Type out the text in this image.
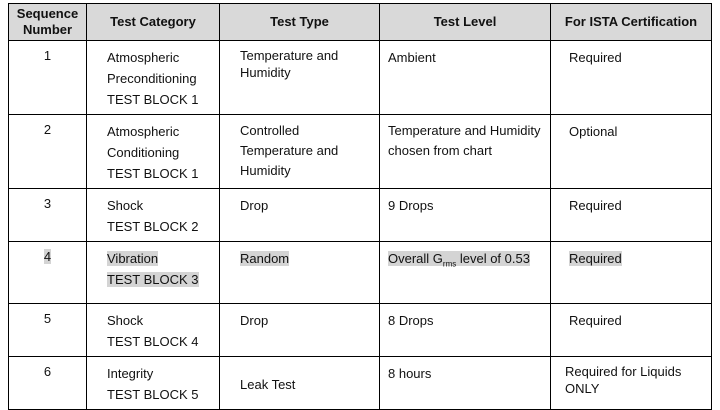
Sequence Number	Test Category	Test Type	Test Level	For ISTA Certification
1	Atmospheric
Preconditioning
TEST BLOCK 1	Temperature and Humidity	Ambient	Required
2	Atmospheric
Conditioning
TEST BLOCK 1	Controlled Temperature and Humidity	Temperature and Humidity chosen from chart	Optional
3	Shock
TEST BLOCK 2	Drop	9 Drops	Required
4	Vibration
TEST BLOCK 3	Random	Overall $G_{rms}$ level of 0.53	Required
5	Shock
TEST BLOCK 4	Drop	8 Drops	Required
6	Integrity
TEST BLOCK 5	Leak Test	8 hours	Required for Liquids ONLY
